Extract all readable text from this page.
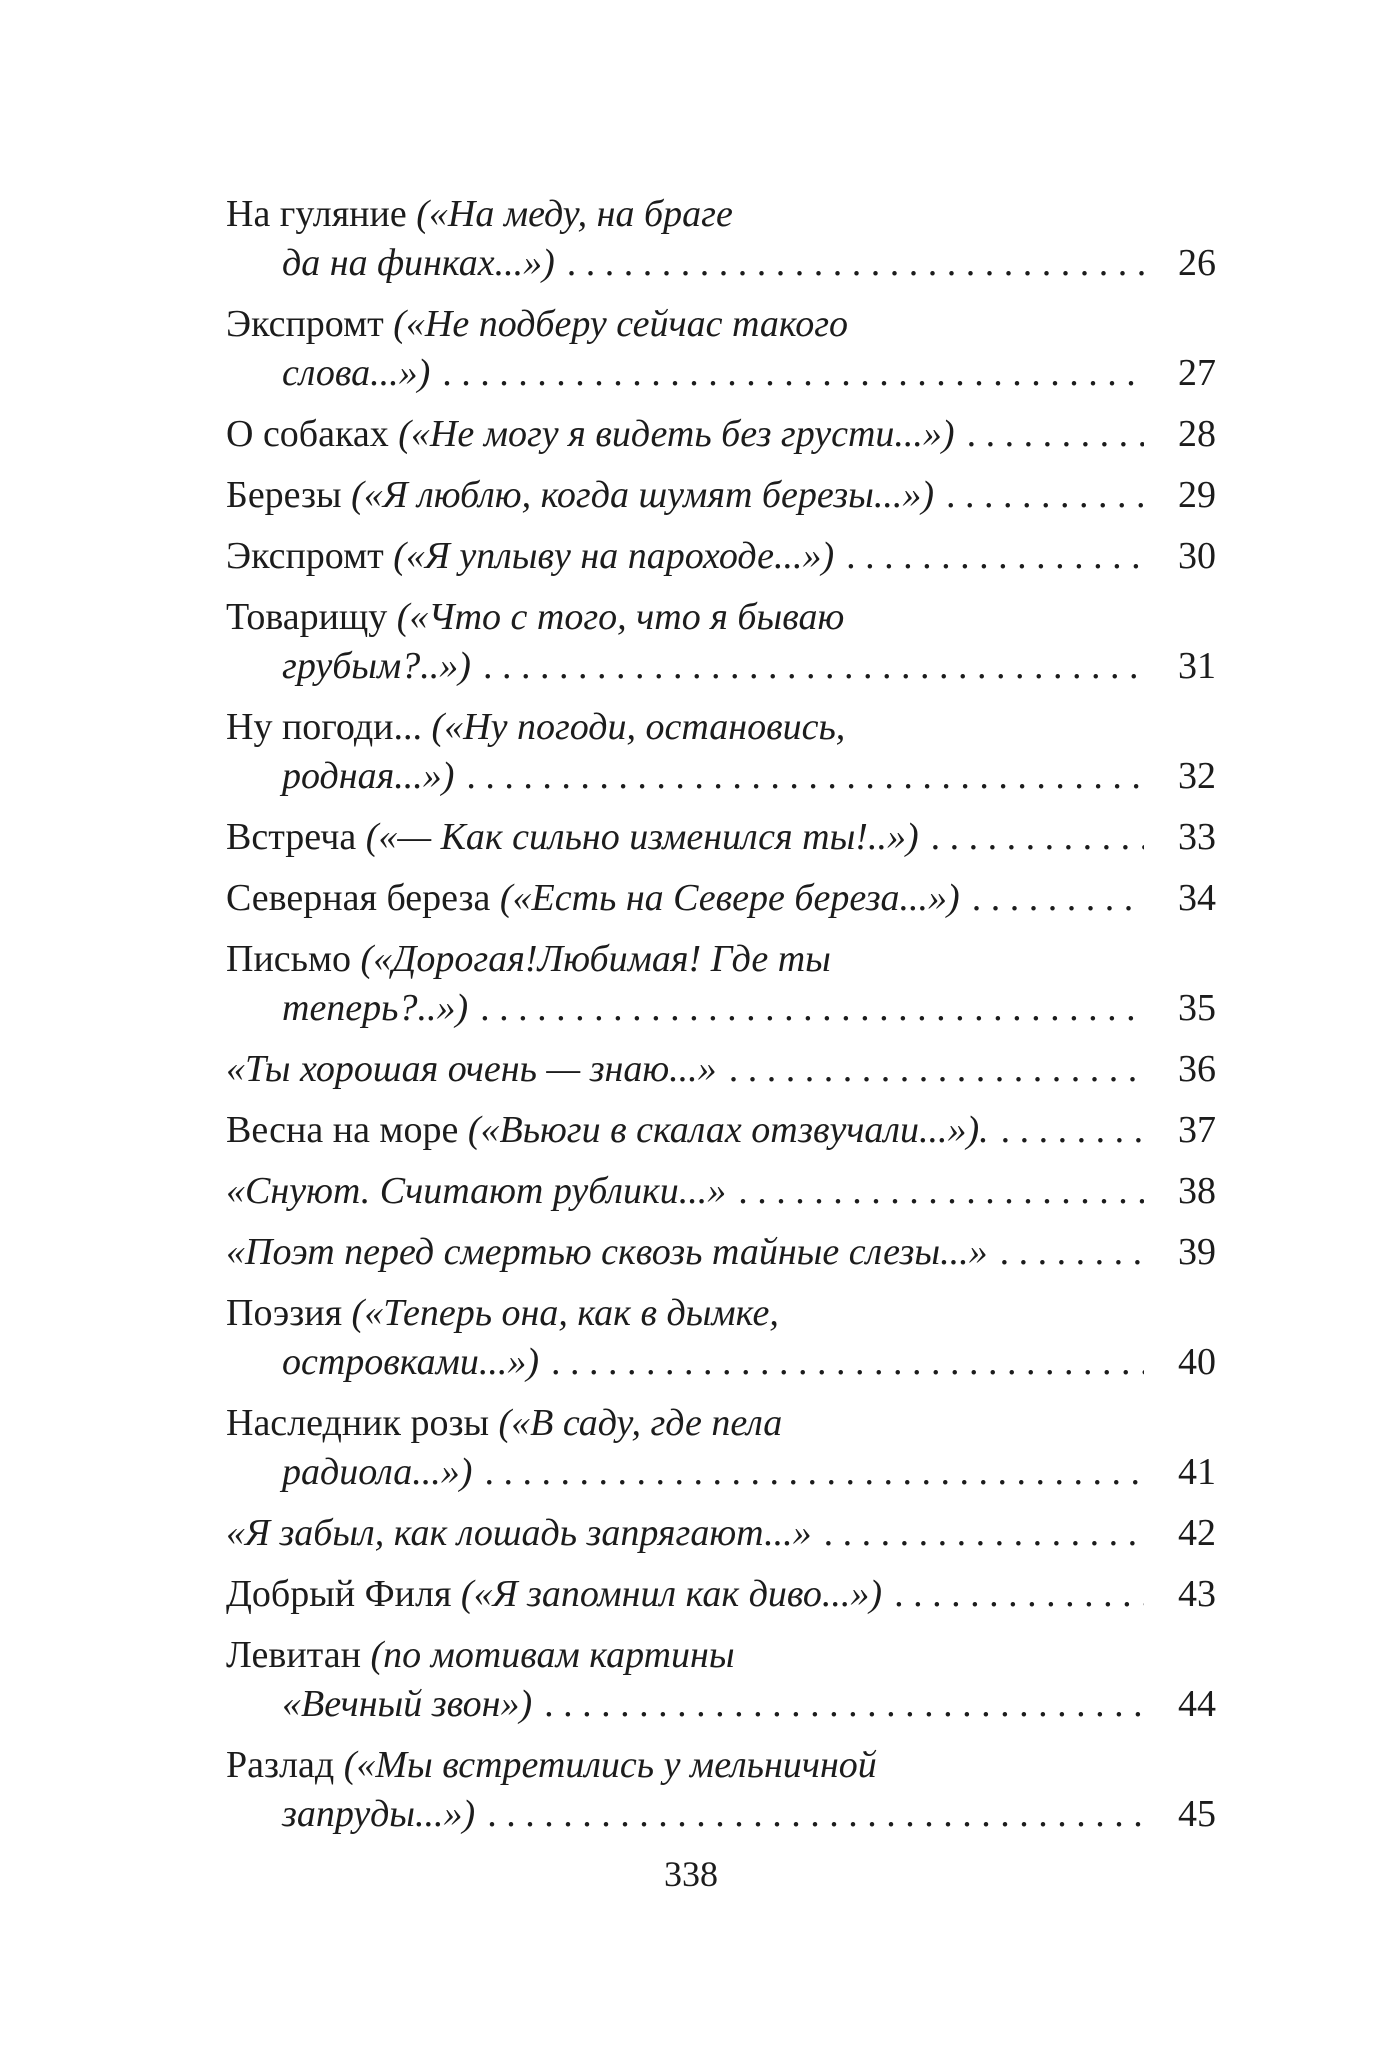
На гуляние («На меду, на браге
да на финках...») . . .	26
Экспромт («Не подберу сейчас такого
слова...») . . .	27
О собаках («Не могу я видеть без грусти...») . . .	28
Березы («Я люблю, когда шумят березы...») . . .	29
Экспромт («Я уплыву на пароходе...») . . .	30
Товарищу («Что с того, что я бываю
грубым?..») . . .	31
Ну погоди... («Ну погоди, остановись,
родная...») . . .	32
Встреча («— Как сильно изменился ты!..») . . .	33
Северная береза («Есть на Севере береза...») . . .	34
Письмо («Дорогая!Любимая! Где ты
теперь?..») . . .	35
«Ты хорошая очень — знаю...» . . .	36
Весна на море («Вьюги в скалах отзвучали...»). . . .	37
«Снуют. Считают рублики...» . . .	38
«Поэт перед смертью сквозь тайные слезы...» . . .	39
Поэзия («Теперь она, как в дымке,
островками...») . . .	40
Наследник розы («В саду, где пела
радиола...») . . .	41
«Я забыл, как лошадь запрягают...» . . .	42
Добрый Филя («Я запомнил как диво...») . . .	43
Левитан (по мотивам картины
«Вечный звон») . . .	44
Разлад («Мы встретились у мельничной
запруды...») . . .	45
338
